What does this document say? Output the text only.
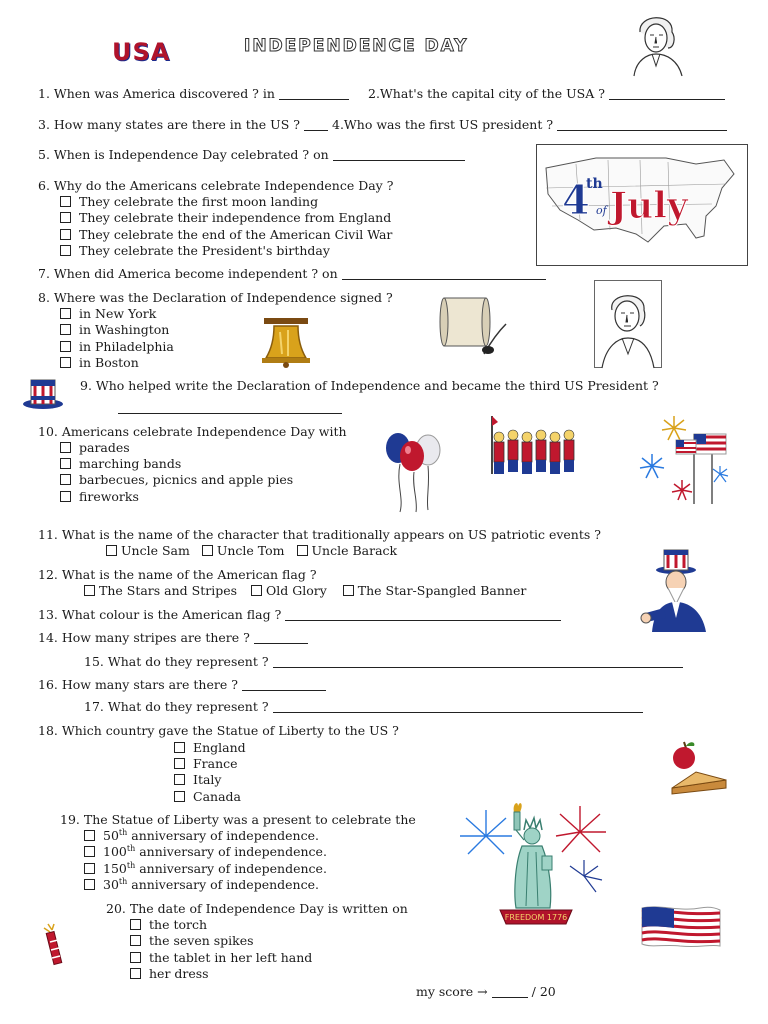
USA	INDEPENDENCE DAY
1. When was America discovered ? in	2.What's the capital city of the USA ?
3. How many states are there in the US ?	4.Who was the first US president ?
5. When is Independence Day celebrated ? on
4
th
of July
6. Why do the Americans celebrate Independence Day ?
They celebrate the first moon landing
They celebrate their independence from England
They celebrate the end of the American Civil War
They celebrate the President's birthday
7. When did America become independent ? on
8. Where was the Declaration of Independence signed ?
in New York
in Washington
in Philadelphia
in Boston
9. Who helped write the Declaration of Independence and became the third US President ?
10. Americans celebrate Independence Day with
parades
marching bands
barbecues, picnics and apple pies
fireworks
11. What is the name of the character that traditionally appears on US patriotic events ?
Uncle Sam Uncle Tom Uncle Barack
12. What is the name of the American flag ?
The Stars and Stripes Old Glory The Star-Spangled Banner
13. What colour is the American flag ?
14. How many stripes are there ?
15. What do they represent ?
16. How many stars are there ?
17. What do they represent ?
18. Which country gave the Statue of Liberty to the US ?
England
France
Italy
Canada
19. The Statue of Liberty was a present to celebrate the
50th anniversary of independence.
100th anniversary of independence.
150th anniversary of independence.
30th anniversary of independence.
FREEDOM 1776
20. The date of Independence Day is written on
the torch
the seven spikes
the tablet in her left hand
her dress
my score →	/ 20
